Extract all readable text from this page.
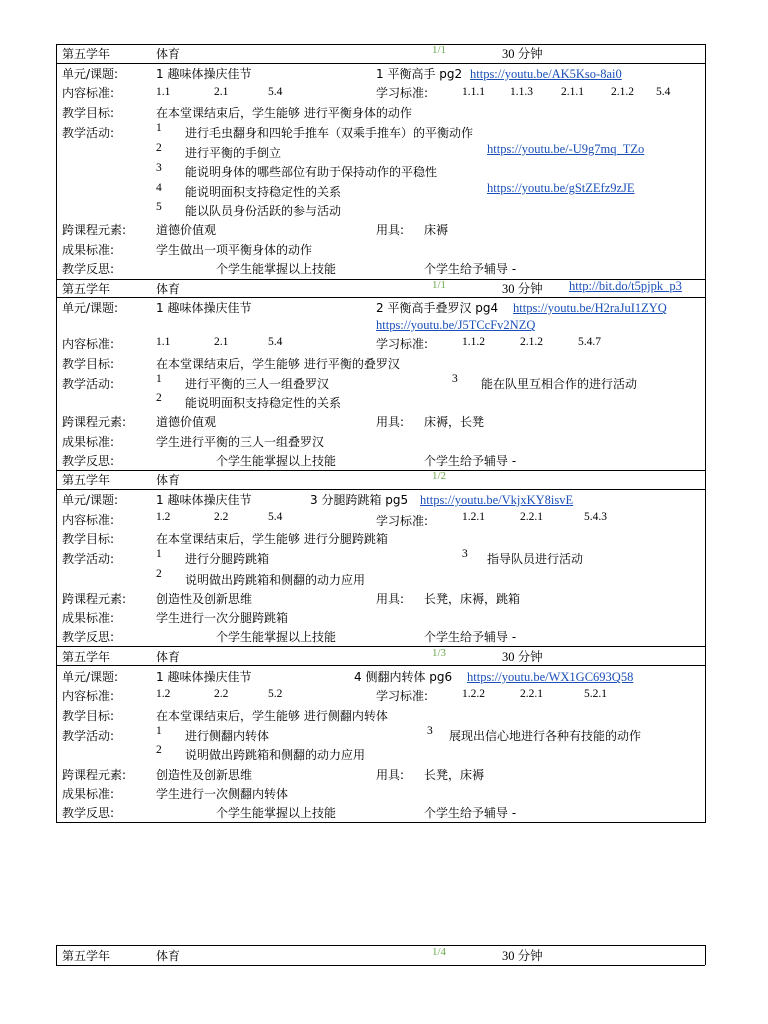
第五学年	体育	1/1	30 分钟
单元/课题:	1 趣味体操庆佳节	1 平衡高手 pg2 https://youtu.be/AK5Kso-8ai0
内容标准:	1.1	2.1	5.4	学习标准:	1.1.1 1.1.3 2.1.1 2.1.2 5.4
教学目标:	在本堂课结束后，学生能够 进行平衡身体的动作
教学活动:	1 进行毛虫翻身和四轮手推车（双乘手推车）的平衡动作
2 进行平衡的手倒立	https://youtu.be/-U9g7mq_TZo
3 能说明身体的哪些部位有助于保持动作的平稳性
4 能说明面积支持稳定性的关系	https://youtu.be/gStZEfz9zJE
5 能以队员身份活跃的参与活动
跨课程元素: 道德价值观	用具: 床褥
成果标准:	学生做出一项平衡身体的动作
教学反思:	个学生能掌握以上技能	个学生给予辅导 -
第五学年	体育	1/1	30 分钟 http://bit.do/t5pjpk_p3
单元/课题:	1 趣味体操庆佳节	2 平衡高手叠罗汉 pg4 https://youtu.be/H2raJuI1ZYQ
https://youtu.be/J5TCcFv2NZQ
内容标准:	1.1	2.1	5.4	学习标准:	1.1.2	2.1.2	5.4.7
教学目标:	在本堂课结束后，学生能够 进行平衡的叠罗汉
教学活动:	1 进行平衡的三人一组叠罗汉
2 能说明面积支持稳定性的关系
3 能在队里互相合作的进行活动
跨课程元素: 道德价值观	用具: 床褥，长凳
成果标准:	学生进行平衡的三人一组叠罗汉
教学反思:	个学生能掌握以上技能	个学生给予辅导 -
第五学年	体育	1/2
单元/课题:	1 趣味体操庆佳节	3 分腿跨跳箱 pg5 https://youtu.be/VkjxKY8isvE
内容标准:	1.2	2.2	5.4	学习标准:	1.2.1	2.2.1	5.4.3
教学目标:	在本堂课结束后，学生能够 进行分腿跨跳箱
教学活动:	1 进行分腿跨跳箱
2 说明做出跨跳箱和侧翻的动力应用
3 指导队员进行活动
跨课程元素: 创造性及创新思维	用具: 长凳，床褥，跳箱
成果标准:	学生进行一次分腿跨跳箱
教学反思:	个学生能掌握以上技能	个学生给予辅导 -
第五学年	体育	1/3	30 分钟
单元/课题:	1 趣味体操庆佳节	4 侧翻内转体 pg6 https://youtu.be/WX1GC693Q58
内容标准:	1.2	2.2	5.2	学习标准:	1.2.2	2.2.1	5.2.1
教学目标:	在本堂课结束后，学生能够 进行侧翻内转体
教学活动:	1 进行侧翻内转体
2 说明做出跨跳箱和侧翻的动力应用
3 展现出信心地进行各种有技能的动作
跨课程元素: 创造性及创新思维	用具: 长凳，床褥
成果标准:	学生进行一次侧翻内转体
教学反思:	个学生能掌握以上技能	个学生给予辅导 -
第五学年	体育	1/4	30 分钟
